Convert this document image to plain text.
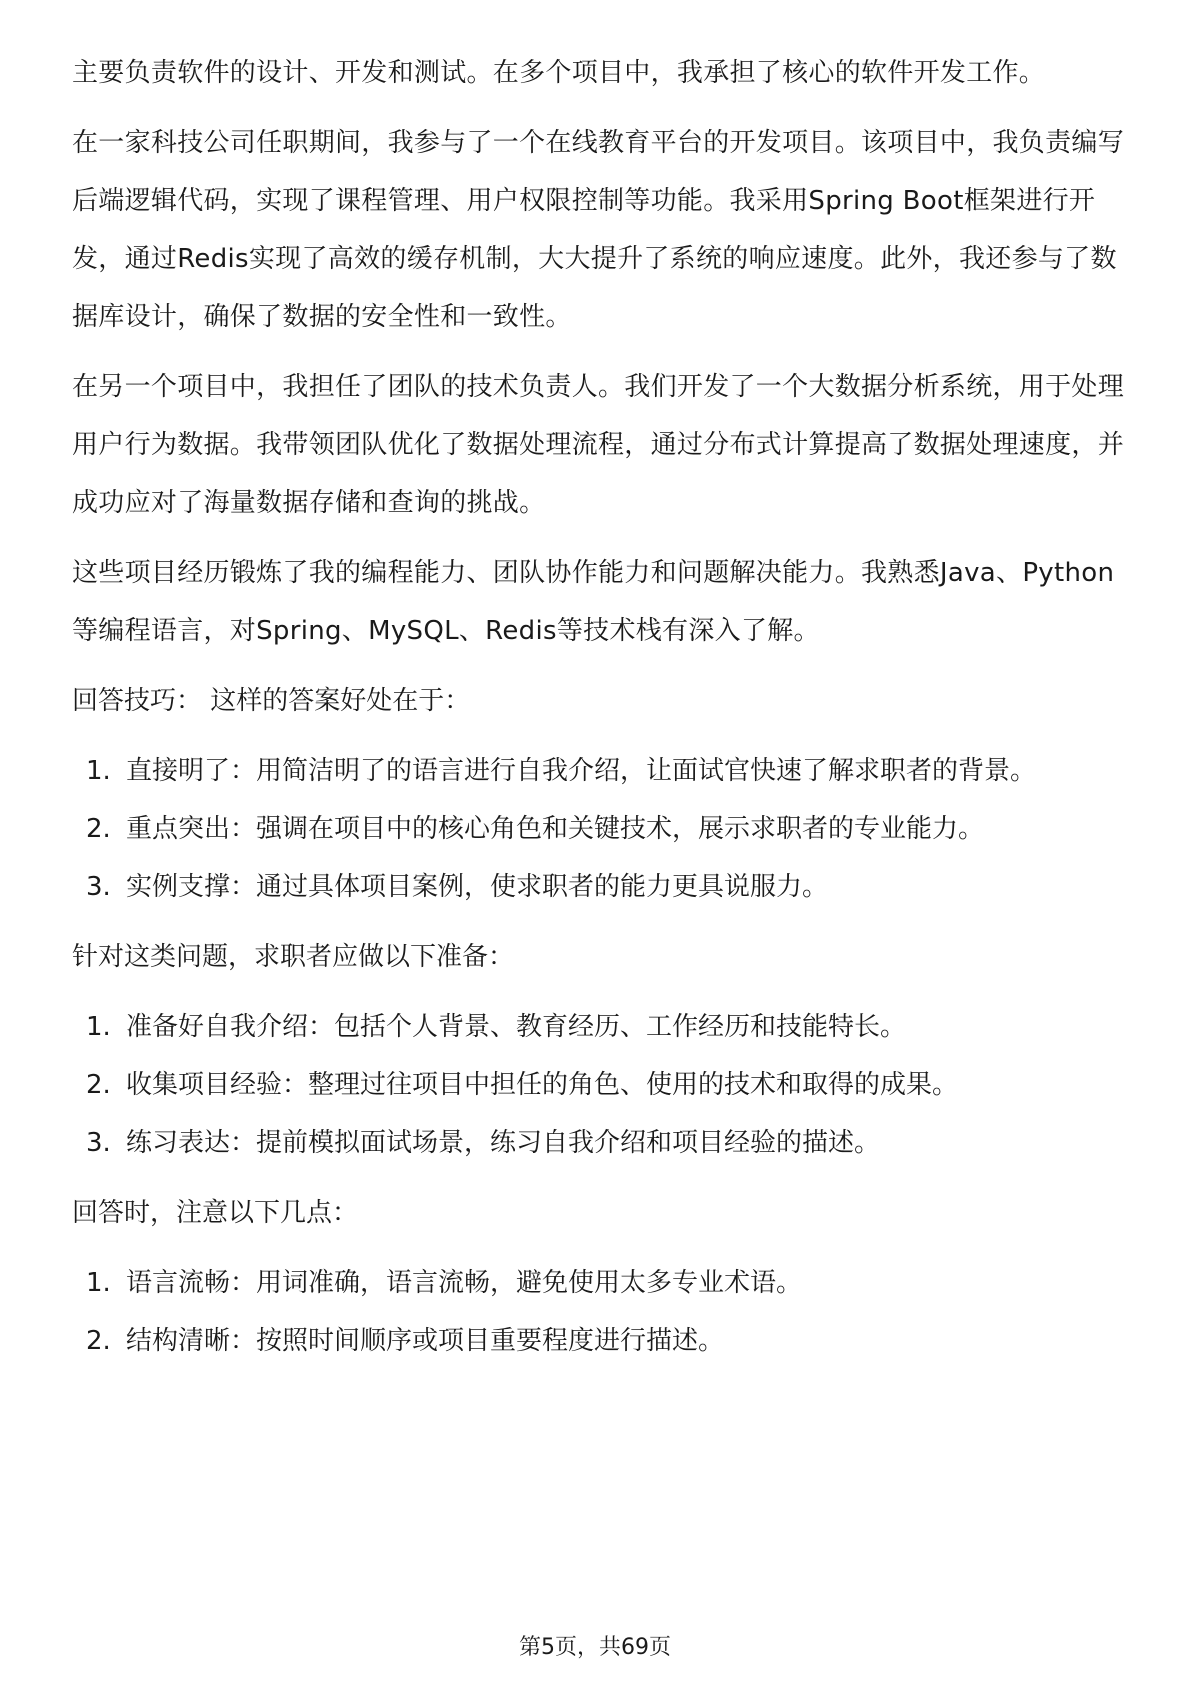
主要负责软件的设计、开发和测试。在多个项目中，我承担了核心的软件开发工作。

在一家科技公司任职期间，我参与了一个在线教育平台的开发项目。该项目中，我负责编写后端逻辑代码，实现了课程管理、用户权限控制等功能。我采用Spring Boot框架进行开发，通过Redis实现了高效的缓存机制，大大提升了系统的响应速度。此外，我还参与了数据库设计，确保了数据的安全性和一致性。

在另一个项目中，我担任了团队的技术负责人。我们开发了一个大数据分析系统，用于处理用户行为数据。我带领团队优化了数据处理流程，通过分布式计算提高了数据处理速度，并成功应对了海量数据存储和查询的挑战。

这些项目经历锻炼了我的编程能力、团队协作能力和问题解决能力。我熟悉Java、Python等编程语言，对Spring、MySQL、Redis等技术栈有深入了解。

回答技巧： 这样的答案好处在于：

1. 直接明了：用简洁明了的语言进行自我介绍，让面试官快速了解求职者的背景。
2. 重点突出：强调在项目中的核心角色和关键技术，展示求职者的专业能力。
3. 实例支撑：通过具体项目案例，使求职者的能力更具说服力。

针对这类问题，求职者应做以下准备：

1. 准备好自我介绍：包括个人背景、教育经历、工作经历和技能特长。
2. 收集项目经验：整理过往项目中担任的角色、使用的技术和取得的成果。
3. 练习表达：提前模拟面试场景，练习自我介绍和项目经验的描述。

回答时，注意以下几点：

1. 语言流畅：用词准确，语言流畅，避免使用太多专业术语。
2. 结构清晰：按照时间顺序或项目重要程度进行描述。
第5页，共69页
